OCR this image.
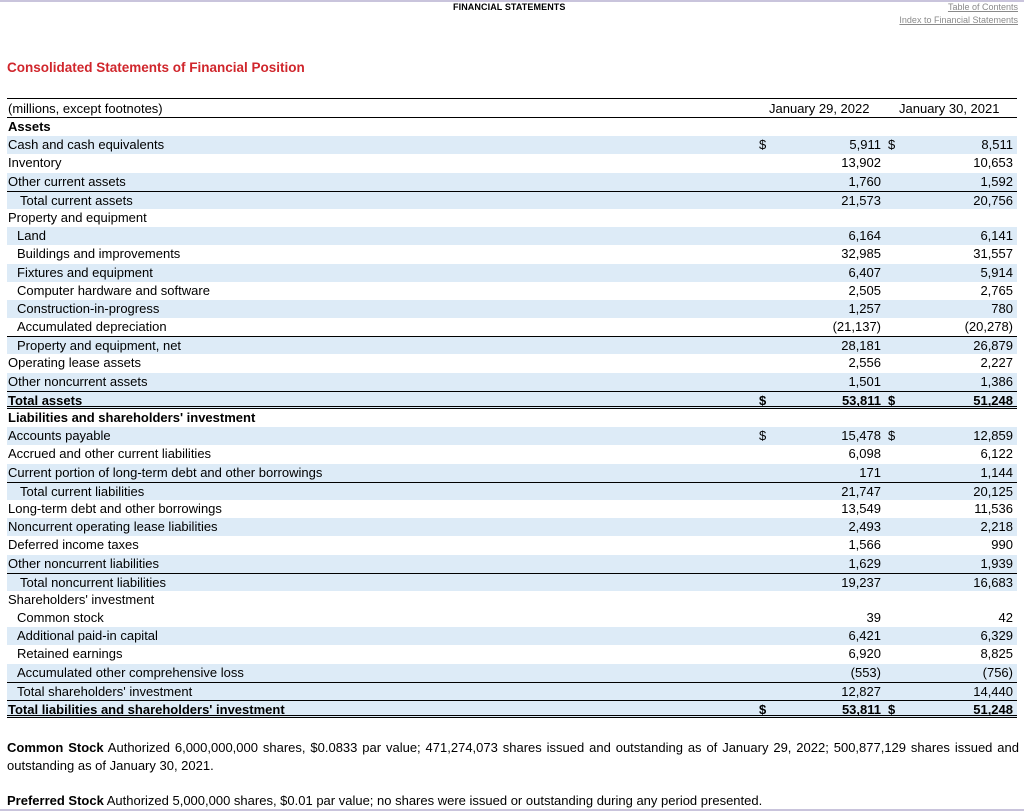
FINANCIAL STATEMENTS	Table of Contents
Index to Financial Statements
Consolidated Statements of Financial Position
(millions, except footnotes)	January 29, 2022 January 30, 2021
Assets
Cash and cash equivalents	$	5,911 $	8,511
Inventory	13,902	10,653
Other current assets	1,760	1,592
Total current assets	21,573	20,756
Property and equipment
Land	6,164	6,141
Buildings and improvements	32,985	31,557
Fixtures and equipment	6,407	5,914
Computer hardware and software	2,505	2,765
Construction-in-progress	1,257	780
Accumulated depreciation	(21,137)	(20,278)
Property and equipment, net	28,181	26,879
Operating lease assets	2,556	2,227
Other noncurrent assets	1,501	1,386
Total assets	$	53,811 $	51,248
Liabilities and shareholders' investment
Accounts payable	$	15,478 $	12,859
Accrued and other current liabilities	6,098	6,122
Current portion of long-term debt and other borrowings	171	1,144
Total current liabilities	21,747	20,125
Long-term debt and other borrowings	13,549	11,536
Noncurrent operating lease liabilities	2,493	2,218
Deferred income taxes	1,566	990
Other noncurrent liabilities	1,629	1,939
Total noncurrent liabilities	19,237	16,683
Shareholders' investment
Common stock	39	42
Additional paid-in capital	6,421	6,329
Retained earnings	6,920	8,825
Accumulated other comprehensive loss	(553)	(756)
Total shareholders' investment	12,827	14,440
Total liabilities and shareholders' investment	$	53,811 $	51,248
Common Stock Authorized 6,000,000,000 shares, $0.0833 par value; 471,274,073 shares issued and outstanding as of January 29, 2022; 500,877,129 shares issued and outstanding as of January 30, 2021.
Preferred Stock Authorized 5,000,000 shares, $0.01 par value; no shares were issued or outstanding during any period presented.
